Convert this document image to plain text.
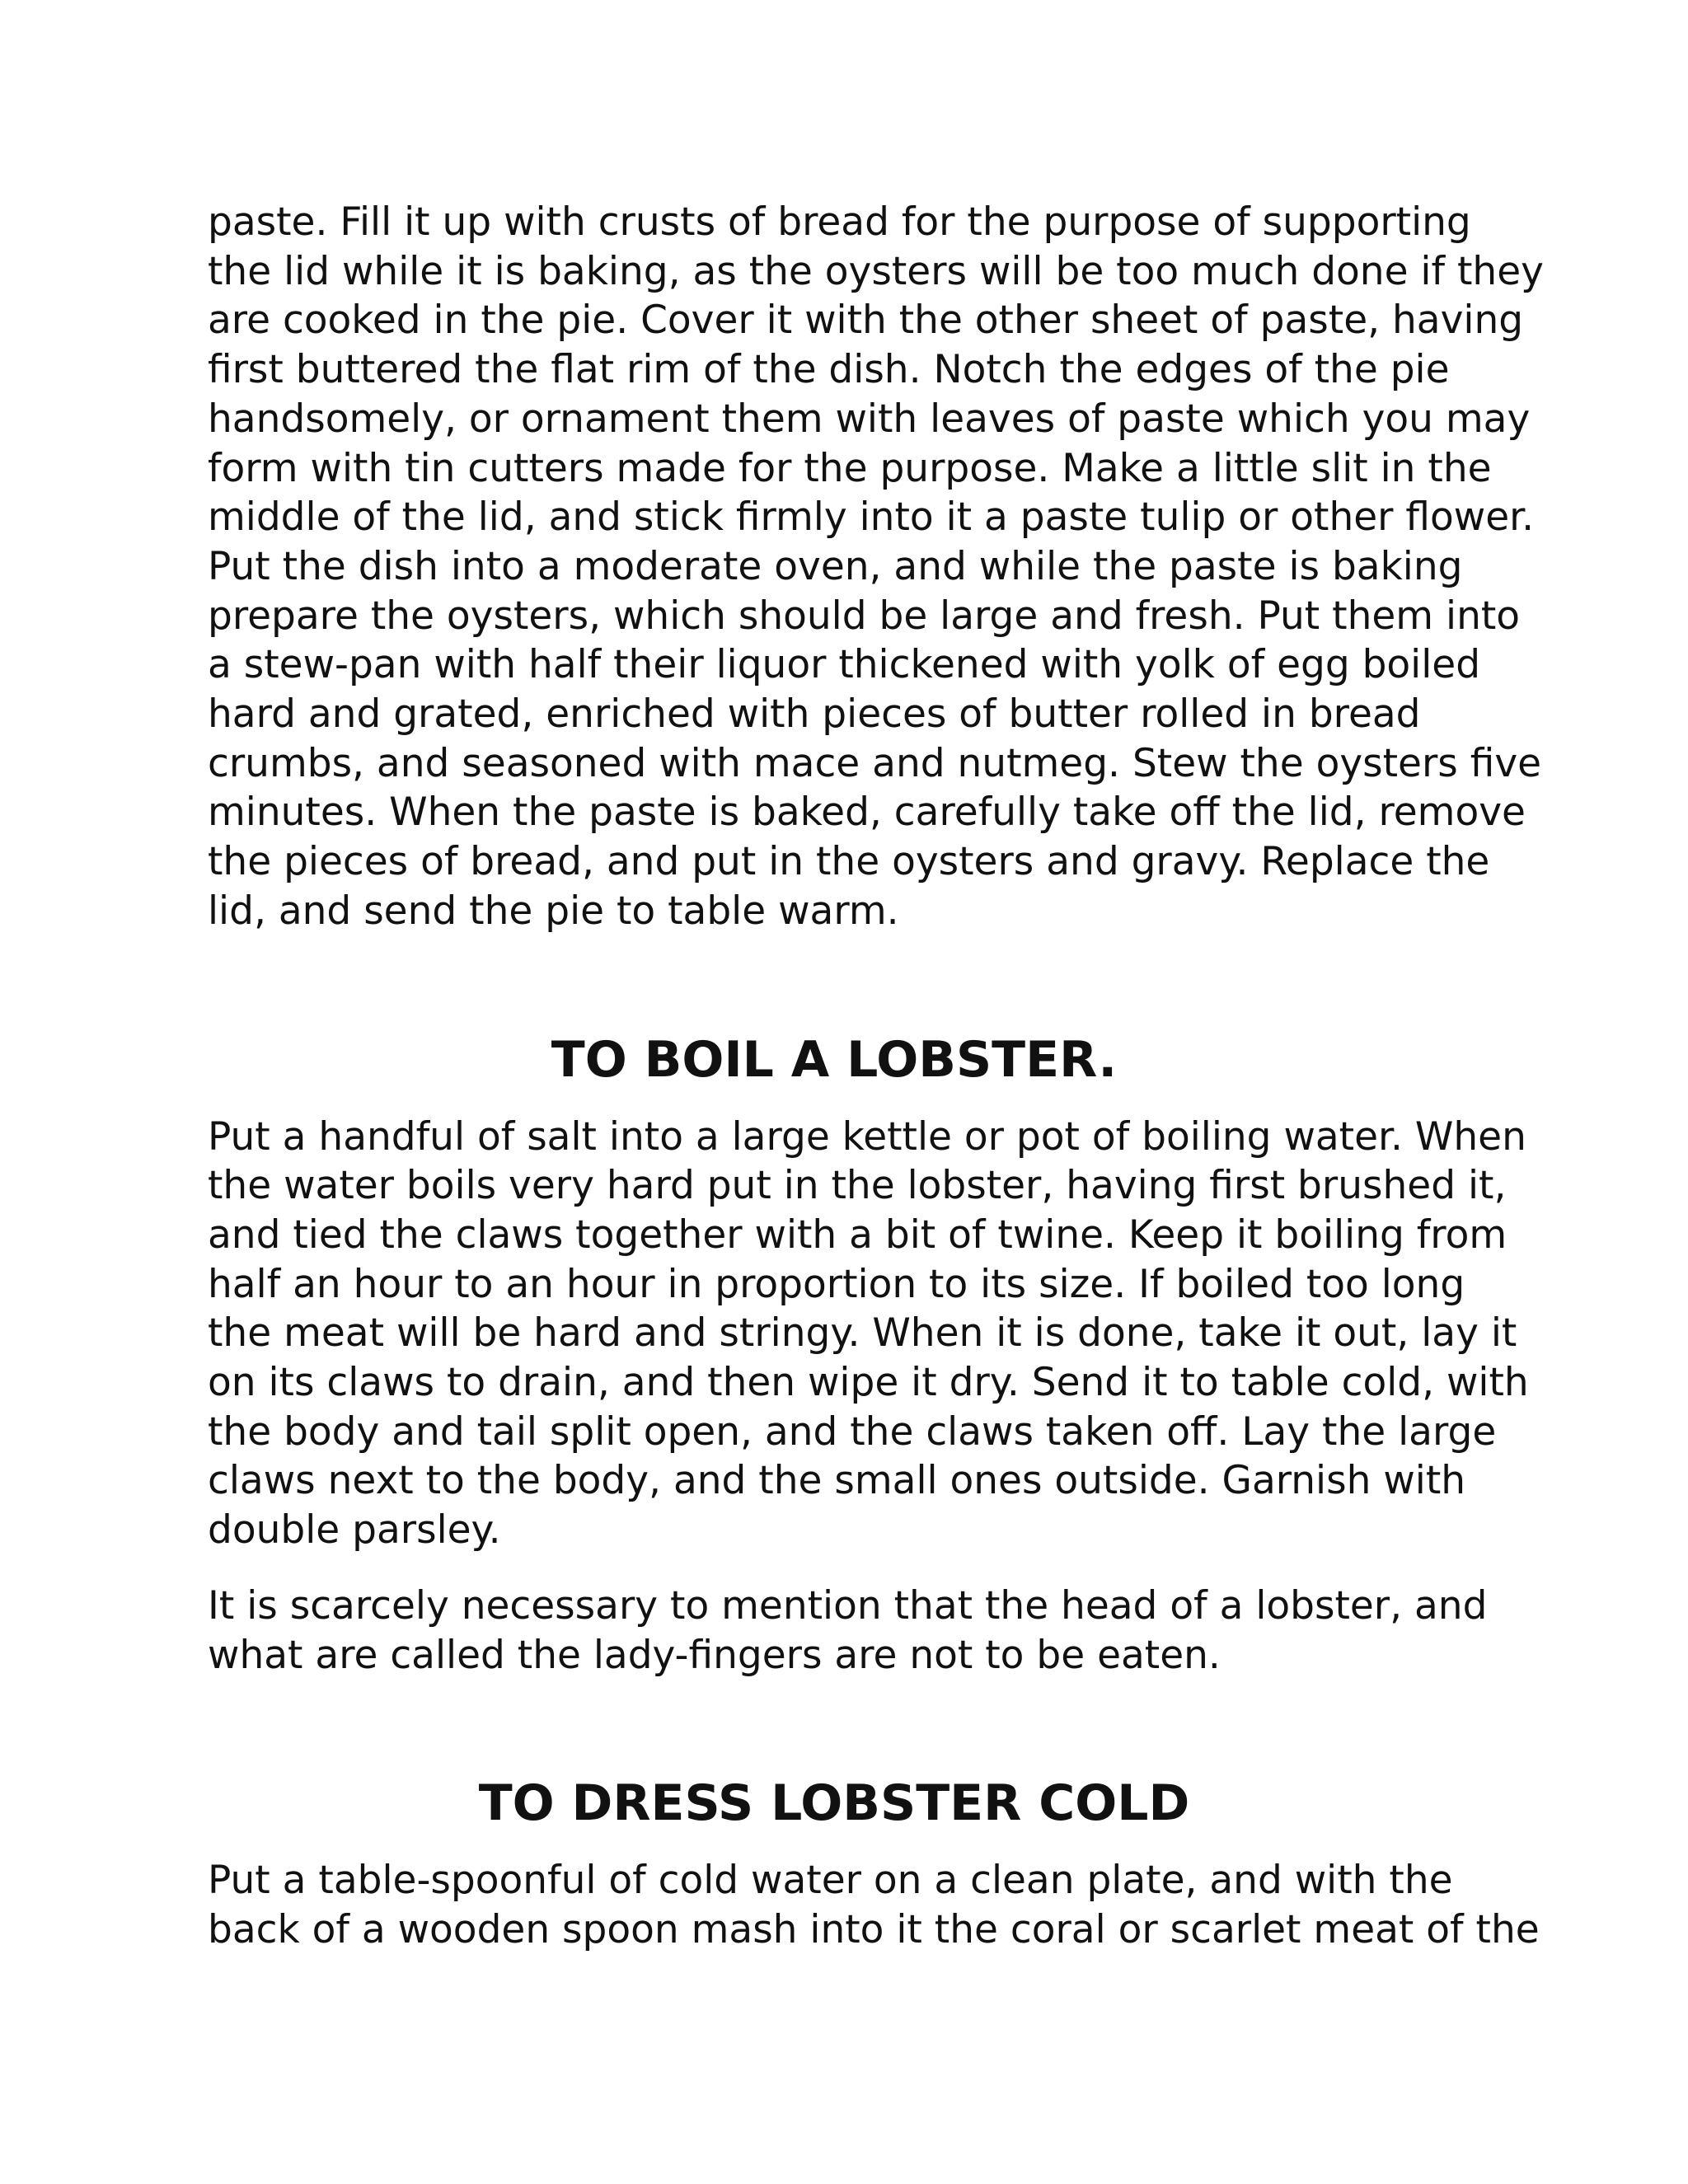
paste. Fill it up with crusts of bread for the purpose of supporting
the lid while it is baking, as the oysters will be too much done if they
are cooked in the pie. Cover it with the other sheet of paste, having
first buttered the flat rim of the dish. Notch the edges of the pie
handsomely, or ornament them with leaves of paste which you may
form with tin cutters made for the purpose. Make a little slit in the
middle of the lid, and stick firmly into it a paste tulip or other flower.
Put the dish into a moderate oven, and while the paste is baking
prepare the oysters, which should be large and fresh. Put them into
a stew-pan with half their liquor thickened with yolk of egg boiled
hard and grated, enriched with pieces of butter rolled in bread
crumbs, and seasoned with mace and nutmeg. Stew the oysters five
minutes. When the paste is baked, carefully take off the lid, remove
the pieces of bread, and put in the oysters and gravy. Replace the
lid, and send the pie to table warm.

TO BOIL A LOBSTER.

Put a handful of salt into a large kettle or pot of boiling water. When
the water boils very hard put in the lobster, having first brushed it,
and tied the claws together with a bit of twine. Keep it boiling from
half an hour to an hour in proportion to its size. If boiled too long
the meat will be hard and stringy. When it is done, take it out, lay it
on its claws to drain, and then wipe it dry. Send it to table cold, with
the body and tail split open, and the claws taken off. Lay the large
claws next to the body, and the small ones outside. Garnish with
double parsley.

It is scarcely necessary to mention that the head of a lobster, and
what are called the lady-fingers are not to be eaten.

TO DRESS LOBSTER COLD

Put a table-spoonful of cold water on a clean plate, and with the
back of a wooden spoon mash into it the coral or scarlet meat of the
